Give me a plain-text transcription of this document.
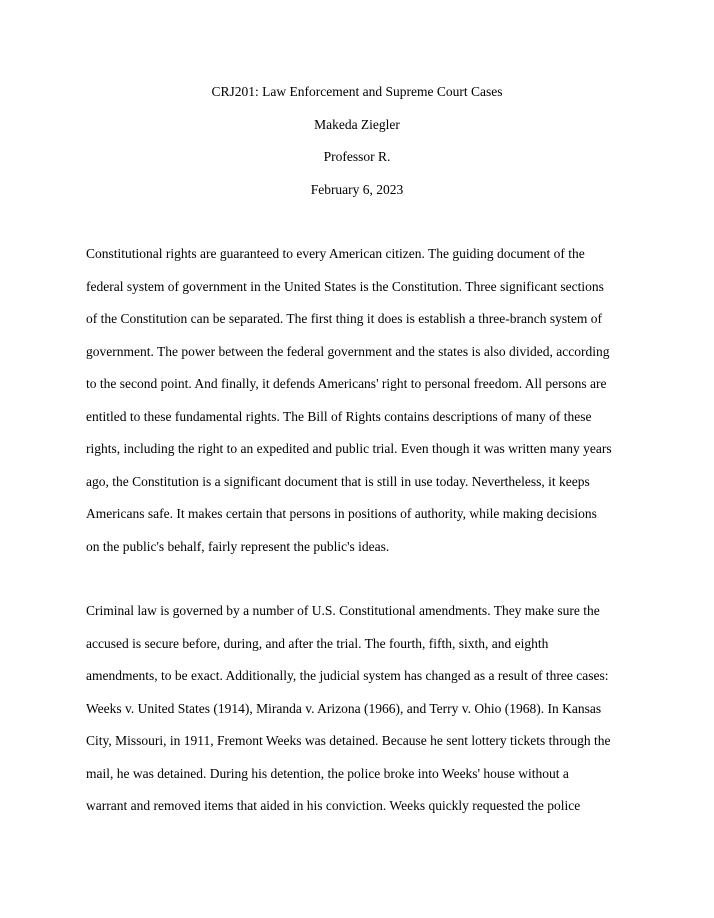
CRJ201: Law Enforcement and Supreme Court Cases
Makeda Ziegler
Professor R.
February 6, 2023
Constitutional rights are guaranteed to every American citizen. The guiding document of the
federal system of government in the United States is the Constitution. Three significant sections
of the Constitution can be separated. The first thing it does is establish a three-branch system of
government. The power between the federal government and the states is also divided, according
to the second point. And finally, it defends Americans' right to personal freedom. All persons are
entitled to these fundamental rights. The Bill of Rights contains descriptions of many of these
rights, including the right to an expedited and public trial. Even though it was written many years
ago, the Constitution is a significant document that is still in use today. Nevertheless, it keeps
Americans safe. It makes certain that persons in positions of authority, while making decisions
on the public's behalf, fairly represent the public's ideas.
Criminal law is governed by a number of U.S. Constitutional amendments. They make sure the
accused is secure before, during, and after the trial. The fourth, fifth, sixth, and eighth
amendments, to be exact. Additionally, the judicial system has changed as a result of three cases:
Weeks v. United States (1914), Miranda v. Arizona (1966), and Terry v. Ohio (1968). In Kansas
City, Missouri, in 1911, Fremont Weeks was detained. Because he sent lottery tickets through the
mail, he was detained. During his detention, the police broke into Weeks' house without a
warrant and removed items that aided in his conviction. Weeks quickly requested the police
